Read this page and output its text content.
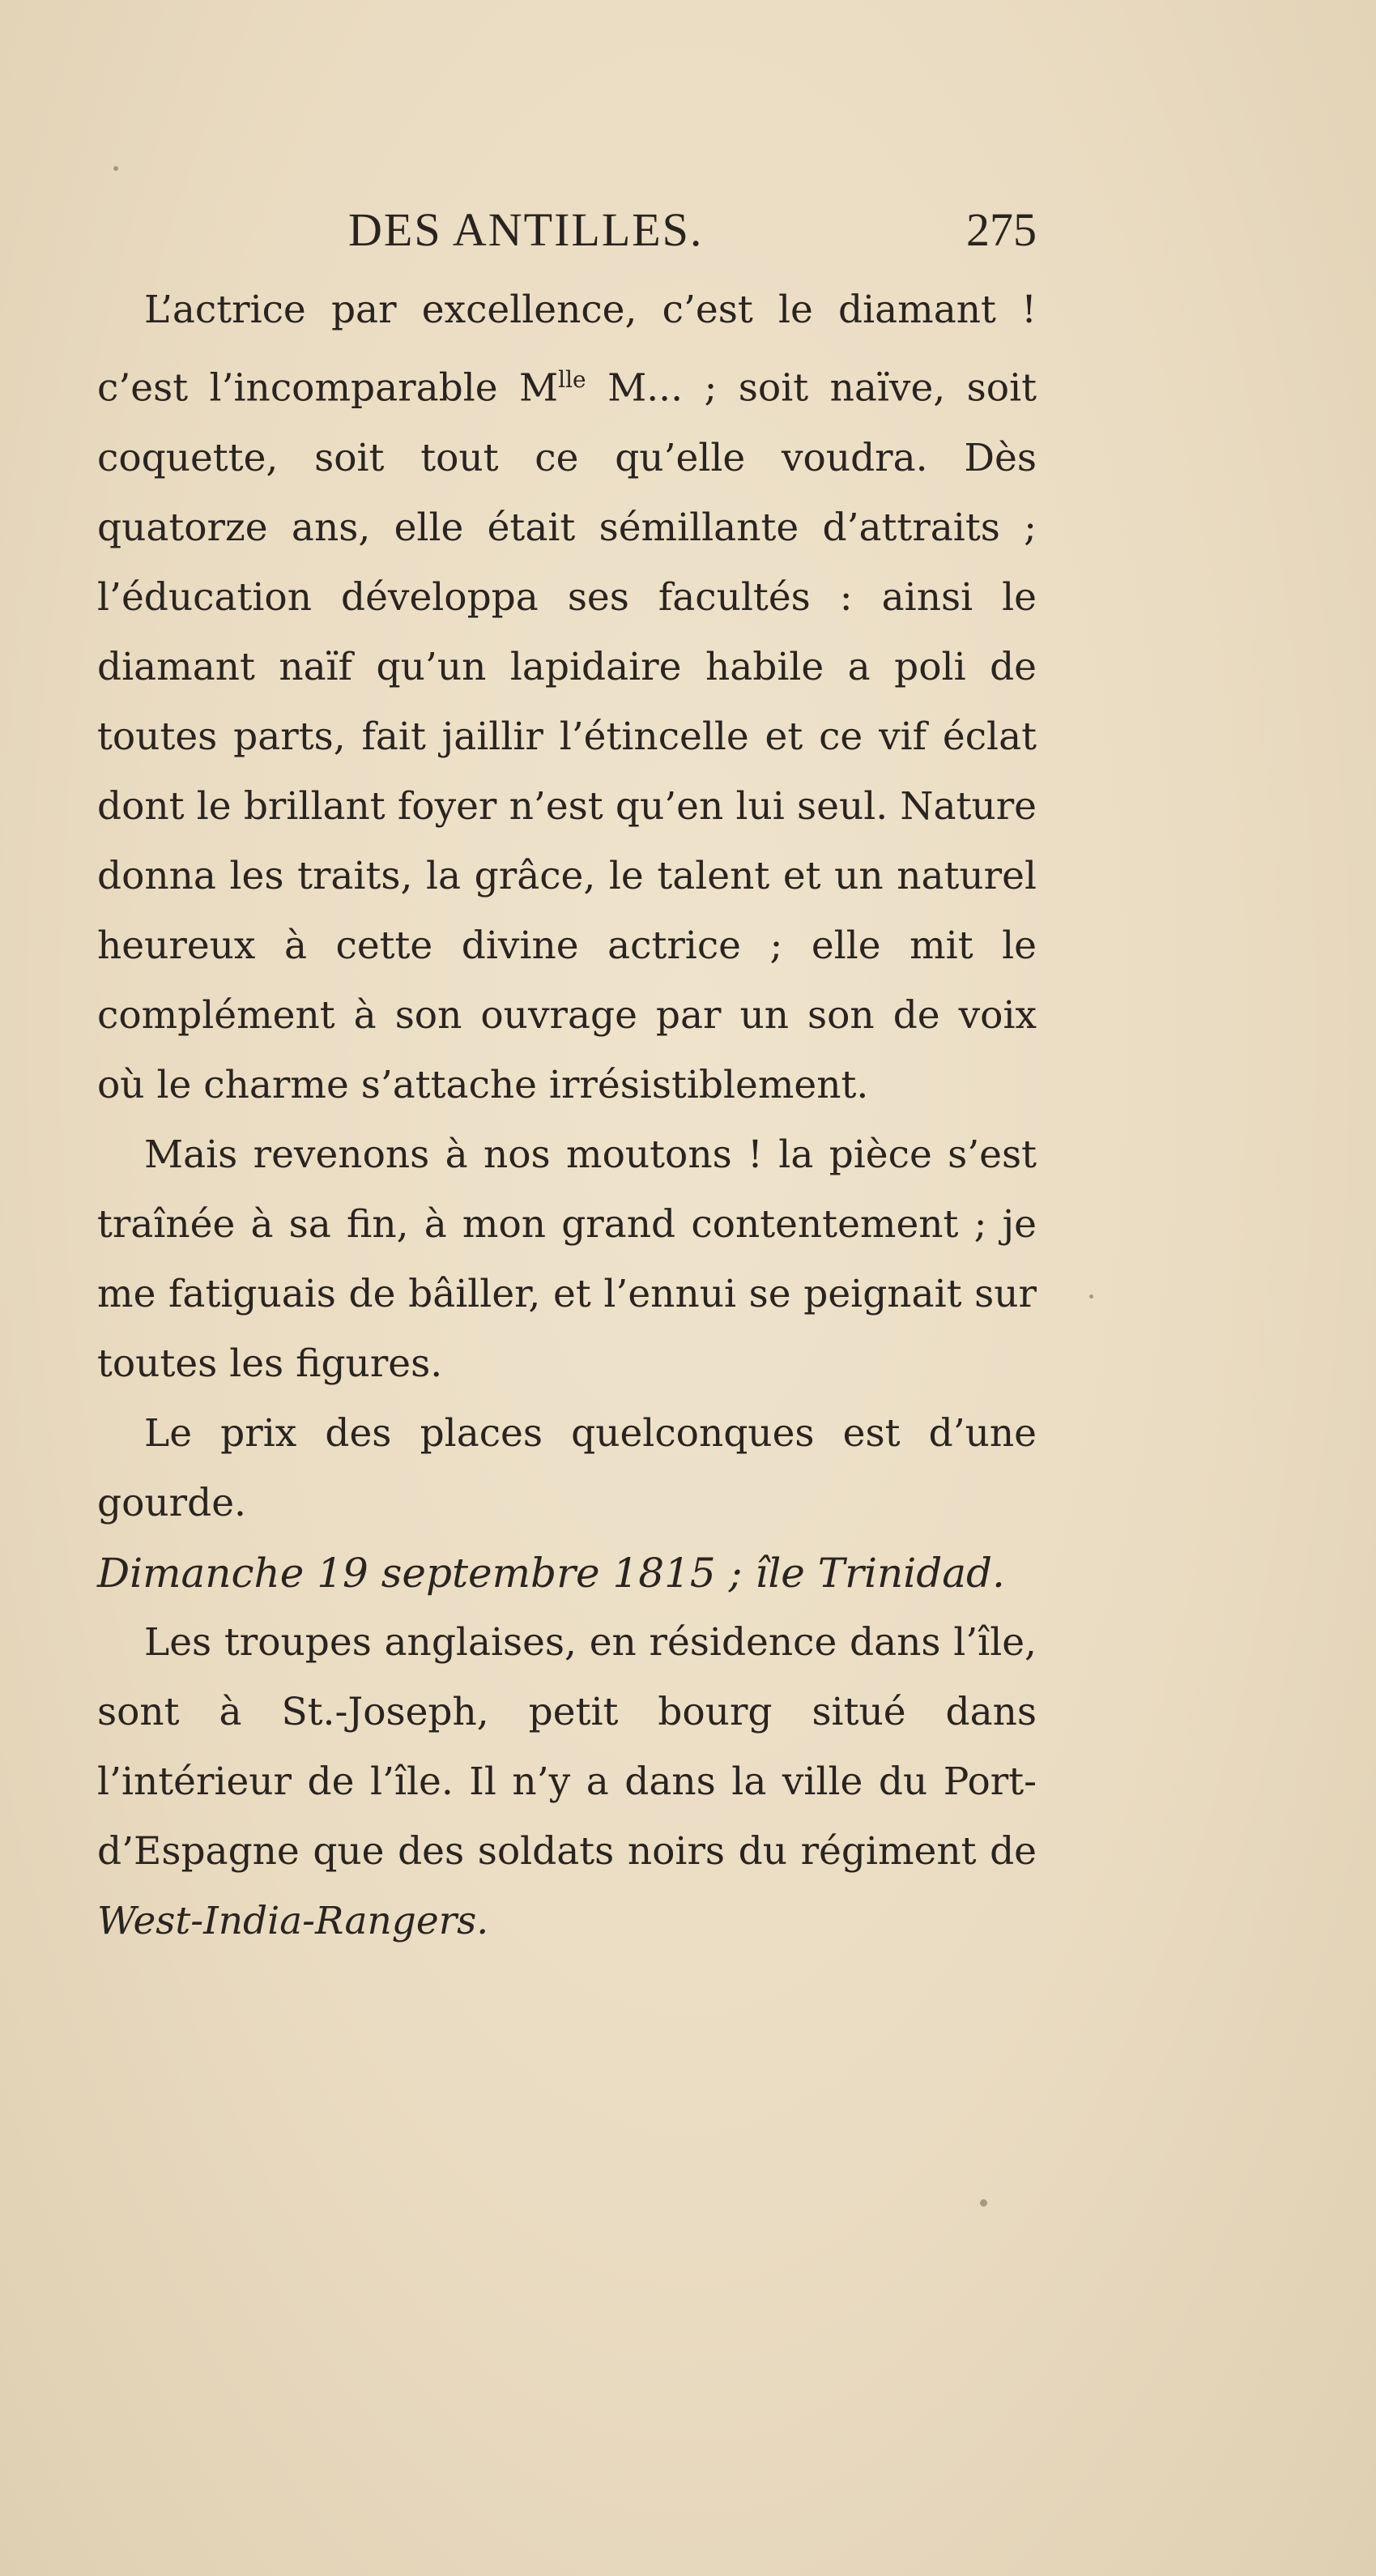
DES ANTILLES.	275

L’actrice par excellence, c’est le diamant ! c’est l’incomparable $M^{lle}$ M... ; soit naïve, soit coquette, soit tout ce qu’elle voudra. Dès quatorze ans, elle était sémillante d’attraits ; l’éducation développa ses facultés : ainsi le diamant naïf qu’un lapidaire habile a poli de toutes parts, fait jaillir l’étincelle et ce vif éclat dont le brillant foyer n’est qu’en lui seul. Nature donna les traits, la grâce, le talent et un naturel heureux à cette divine actrice ; elle mit le complément à son ouvrage par un son de voix où le charme s’attache irrésistiblement.

Mais revenons à nos moutons ! la pièce s’est traînée à sa fin, à mon grand contentement ; je me fatiguais de bâiller, et l’ennui se peignait sur toutes les figures.

Le prix des places quelconques est d’une gourde.

Dimanche 19 septembre 1815 ; île Trinidad.

Les troupes anglaises, en résidence dans l’île, sont à St.-Joseph, petit bourg situé dans l’intérieur de l’île. Il n’y a dans la ville du Port-d’Espagne que des soldats noirs du régiment de West-India-Rangers.
